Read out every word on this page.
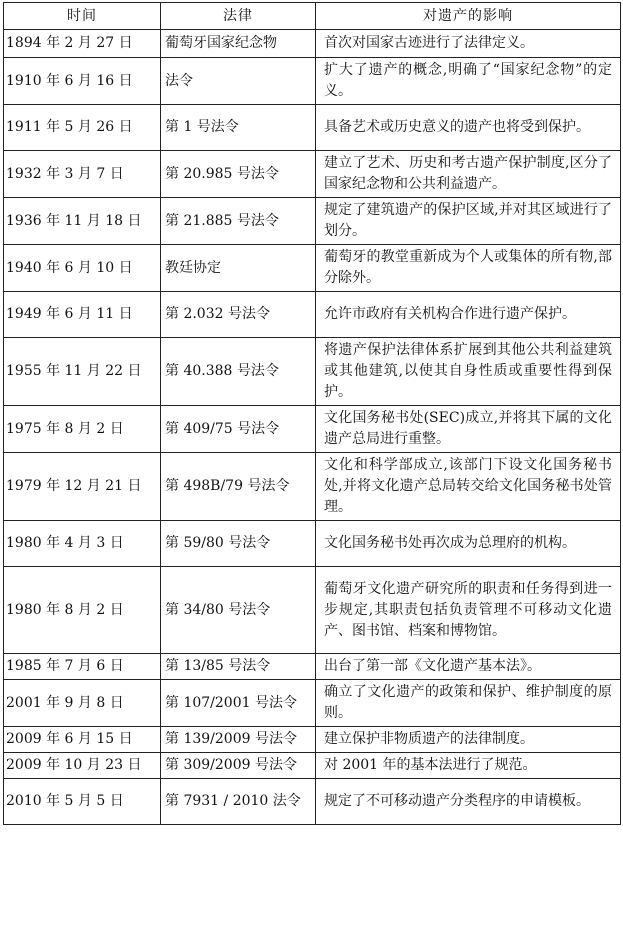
时间	法律	对遗产的影响
1894 年 2 月 27 日	葡萄牙国家纪念物	首次对国家古迹进行了法律定义。
1910 年 6 月 16 日	法令	扩大了遗产的概念,明确了“国家纪念物”的定义。
1911 年 5 月 26 日	第 1 号法令	具备艺术或历史意义的遗产也将受到保护。
1932 年 3 月 7 日	第 20.985 号法令	建立了艺术、历史和考古遗产保护制度,区分了国家纪念物和公共利益遗产。
1936 年 11 月 18 日	第 21.885 号法令	规定了建筑遗产的保护区域,并对其区域进行了划分。
1940 年 6 月 10 日	教廷协定	葡萄牙的教堂重新成为个人或集体的所有物,部分除外。
1949 年 6 月 11 日	第 2.032 号法令	允许市政府有关机构合作进行遗产保护。
1955 年 11 月 22 日	第 40.388 号法令	将遗产保护法律体系扩展到其他公共利益建筑或其他建筑,以使其自身性质或重要性得到保护。
1975 年 8 月 2 日	第 409/75 号法令	文化国务秘书处(SEC)成立,并将其下属的文化遗产总局进行重整。
1979 年 12 月 21 日	第 498B/79 号法令	文化和科学部成立,该部门下设文化国务秘书处,并将文化遗产总局转交给文化国务秘书处管理。
1980 年 4 月 3 日	第 59/80 号法令	文化国务秘书处再次成为总理府的机构。
1980 年 8 月 2 日	第 34/80 号法令	葡萄牙文化遗产研究所的职责和任务得到进一步规定,其职责包括负责管理不可移动文化遗产、图书馆、档案和博物馆。
1985 年 7 月 6 日	第 13/85 号法令	出台了第一部《文化遗产基本法》。
2001 年 9 月 8 日	第 107/2001 号法令	确立了文化遗产的政策和保护、维护制度的原则。
2009 年 6 月 15 日	第 139/2009 号法令	建立保护非物质遗产的法律制度。
2009 年 10 月 23 日	第 309/2009 号法令	对 2001 年的基本法进行了规范。
2010 年 5 月 5 日	第 7931 / 2010 法令	规定了不可移动遗产分类程序的申请模板。
